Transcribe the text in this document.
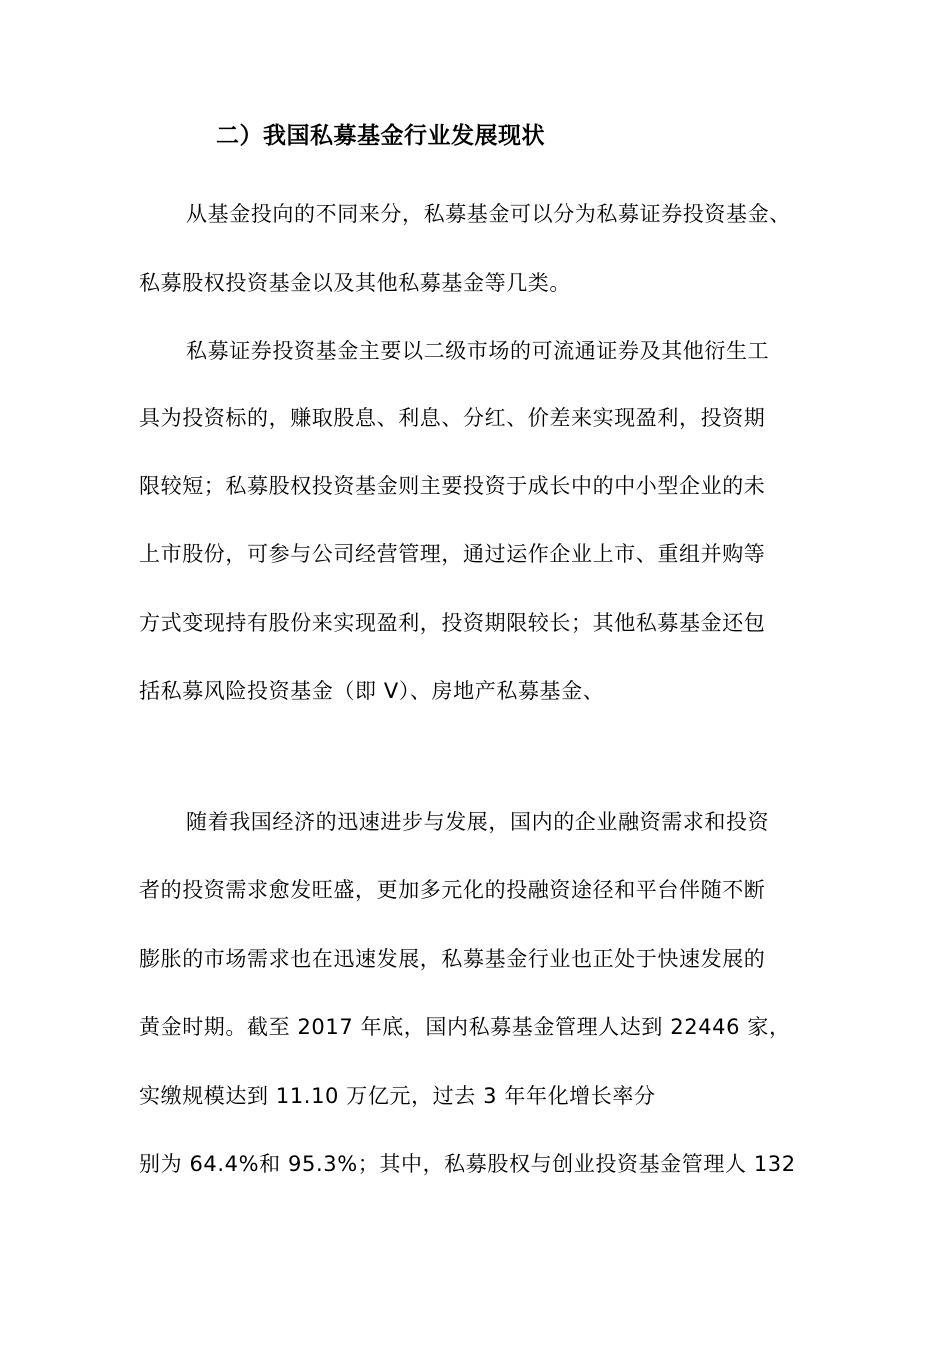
二）我国私募基金行业发展现状
从基金投向的不同来分，私募基金可以分为私募证券投资基金、
私募股权投资基金以及其他私募基金等几类。
私募证券投资基金主要以二级市场的可流通证券及其他衍生工
具为投资标的，赚取股息、利息、分红、价差来实现盈利，投资期
限较短；私募股权投资基金则主要投资于成长中的中小型企业的未
上市股份，可参与公司经营管理，通过运作企业上市、重组并购等
方式变现持有股份来实现盈利，投资期限较长；其他私募基金还包
括私募风险投资基金（即 V）、房地产私募基金、
随着我国经济的迅速进步与发展，国内的企业融资需求和投资
者的投资需求愈发旺盛，更加多元化的投融资途径和平台伴随不断
膨胀的市场需求也在迅速发展，私募基金行业也正处于快速发展的
黄金时期。截至 2017 年底，国内私募基金管理人达到 22446 家，
实缴规模达到 11.10 万亿元，过去 3 年年化增长率分
别为 64.4%和 95.3%；其中，私募股权与创业投资基金管理人 132
